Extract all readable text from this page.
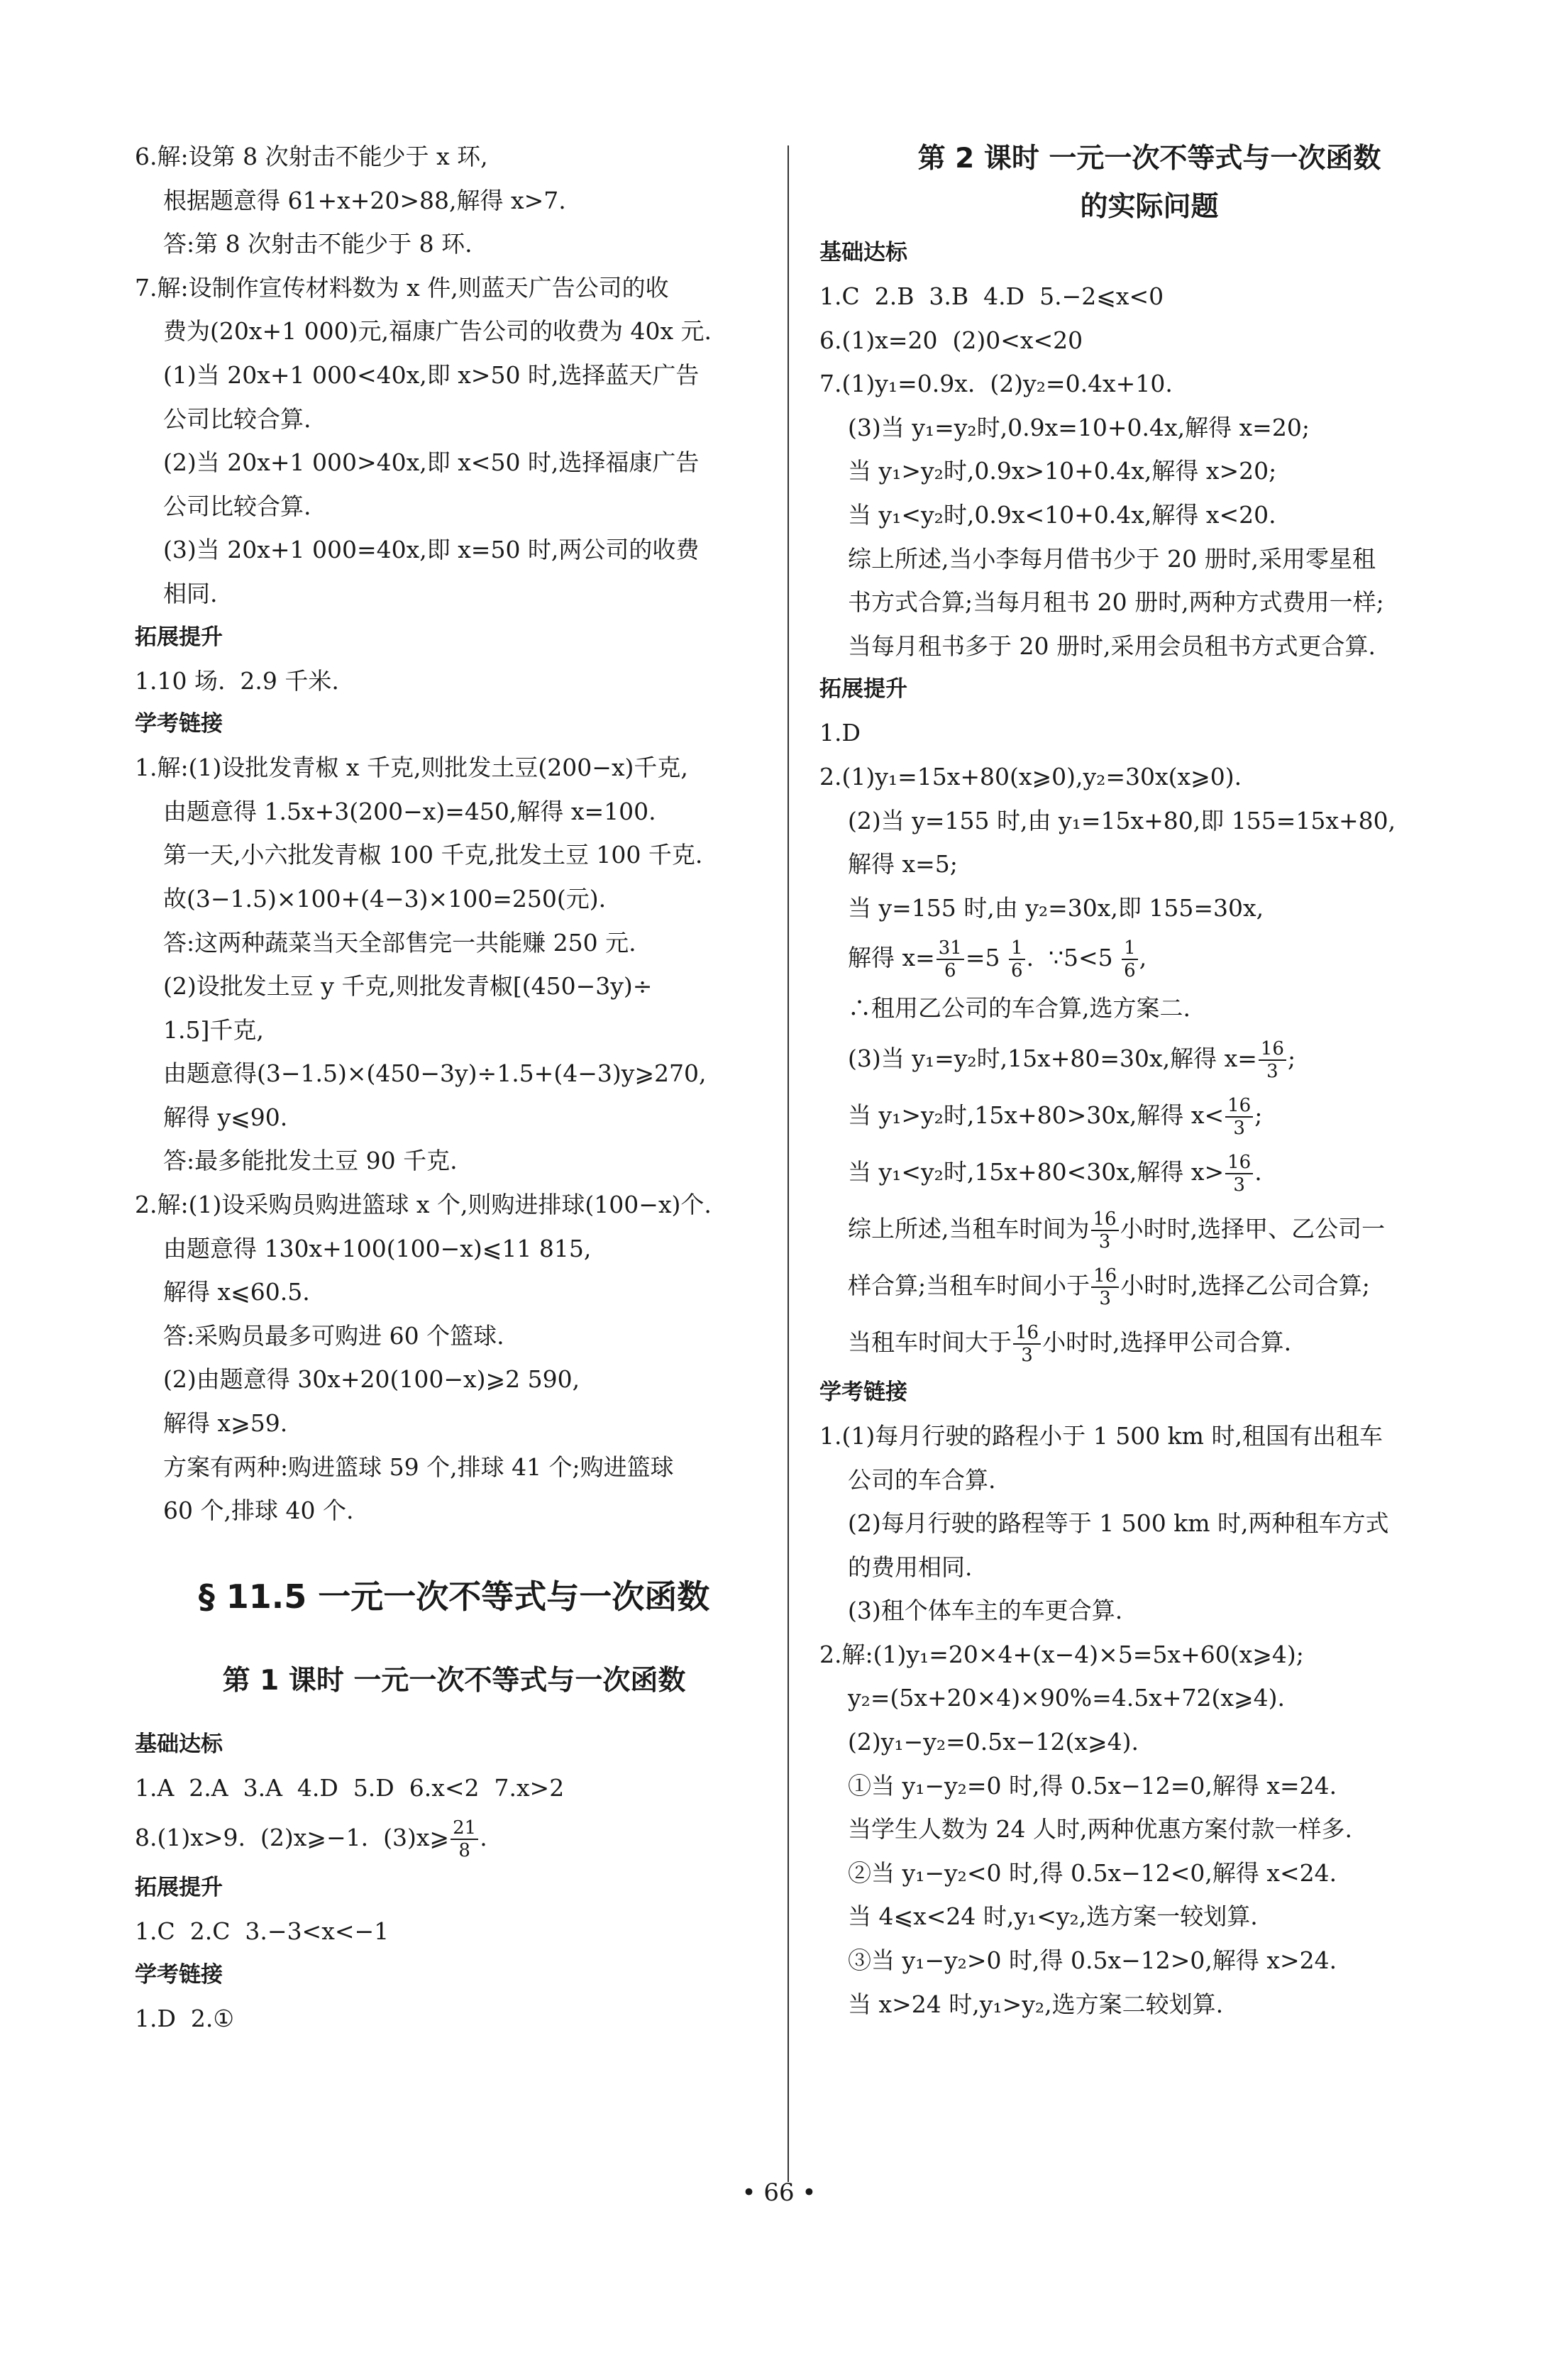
6.解:设第 8 次射击不能少于 x 环,
根据题意得 61+x+20>88,解得 x>7.
答:第 8 次射击不能少于 8 环.
7.解:设制作宣传材料数为 x 件,则蓝天广告公司的收
费为(20x+1 000)元,福康广告公司的收费为 40x 元.
(1)当 20x+1 000<40x,即 x>50 时,选择蓝天广告
公司比较合算.
(2)当 20x+1 000>40x,即 x<50 时,选择福康广告
公司比较合算.
(3)当 20x+1 000=40x,即 x=50 时,两公司的收费
相同.
拓展提升
1.10 场.  2.9 千米.
学考链接
1.解:(1)设批发青椒 x 千克,则批发土豆(200−x)千克,
由题意得 1.5x+3(200−x)=450,解得 x=100.
第一天,小六批发青椒 100 千克,批发土豆 100 千克.
故(3−1.5)×100+(4−3)×100=250(元).
答:这两种蔬菜当天全部售完一共能赚 250 元.
(2)设批发土豆 y 千克,则批发青椒[(450−3y)÷
1.5]千克,
由题意得(3−1.5)×(450−3y)÷1.5+(4−3)y⩾270,
解得 y⩽90.
答:最多能批发土豆 90 千克.
2.解:(1)设采购员购进篮球 x 个,则购进排球(100−x)个.
由题意得 130x+100(100−x)⩽11 815,
解得 x⩽60.5.
答:采购员最多可购进 60 个篮球.
(2)由题意得 30x+20(100−x)⩾2 590,
解得 x⩾59.
方案有两种:购进篮球 59 个,排球 41 个;购进篮球
60 个,排球 40 个.
§ 11.5 一元一次不等式与一次函数
第 1 课时 一元一次不等式与一次函数
基础达标
1.A  2.A  3.A  4.D  5.D  6.x<2  7.x>2
8.(1)x>9.  (2)x⩾−1.  (3)x⩾ $\frac{21}{8}$ .
拓展提升
1.C  2.C  3.−3<x<−1
学考链接
1.D  2.①
第 2 课时 一元一次不等式与一次函数
的实际问题
基础达标
1.C  2.B  3.B  4.D  5.−2⩽x<0
6.(1)x=20  (2)0<x<20
7.(1)y₁=0.9x.  (2)y₂=0.4x+10.
(3)当 y₁=y₂时,0.9x=10+0.4x,解得 x=20;
当 y₁>y₂时,0.9x>10+0.4x,解得 x>20;
当 y₁<y₂时,0.9x<10+0.4x,解得 x<20.
综上所述,当小李每月借书少于 20 册时,采用零星租
书方式合算;当每月租书 20 册时,两种方式费用一样;
当每月租书多于 20 册时,采用会员租书方式更合算.
拓展提升
1.D
2.(1)y₁=15x+80(x⩾0),y₂=30x(x⩾0).
(2)当 y=155 时,由 y₁=15x+80,即 155=15x+80,
解得 x=5;
当 y=155 时,由 y₂=30x,即 155=30x,
解得 $x= \frac{31}{6} =5 \frac{1}{6}$ .  ∵5<5 $\frac{1}{6}$ ,
∴租用乙公司的车合算,选方案二.
(3)当 y₁=y₂时,15x+80=30x,解得 $x= \frac{16}{3}$ ;
当 y₁>y₂时,15x+80>30x,解得 $x< \frac{16}{3}$ ;
当 y₁<y₂时,15x+80<30x,解得 $x> \frac{16}{3}$ .
综上所述,当租车时间为 $\frac{16}{3}$ 小时时,选择甲、乙公司一
样合算;当租车时间小于 $\frac{16}{3}$ 小时时,选择乙公司合算;
当租车时间大于 $\frac{16}{3}$ 小时时,选择甲公司合算.
学考链接
1.(1)每月行驶的路程小于 1 500 km 时,租国有出租车
公司的车合算.
(2)每月行驶的路程等于 1 500 km 时,两种租车方式
的费用相同.
(3)租个体车主的车更合算.
2.解:(1)y₁=20×4+(x−4)×5=5x+60(x⩾4);
y₂=(5x+20×4)×90%=4.5x+72(x⩾4).
(2)y₁−y₂=0.5x−12(x⩾4).
①当 y₁−y₂=0 时,得 0.5x−12=0,解得 x=24.
当学生人数为 24 人时,两种优惠方案付款一样多.
②当 y₁−y₂<0 时,得 0.5x−12<0,解得 x<24.
当 4⩽x<24 时,y₁<y₂,选方案一较划算.
③当 y₁−y₂>0 时,得 0.5x−12>0,解得 x>24.
当 x>24 时,y₁>y₂,选方案二较划算.
• 66 •
